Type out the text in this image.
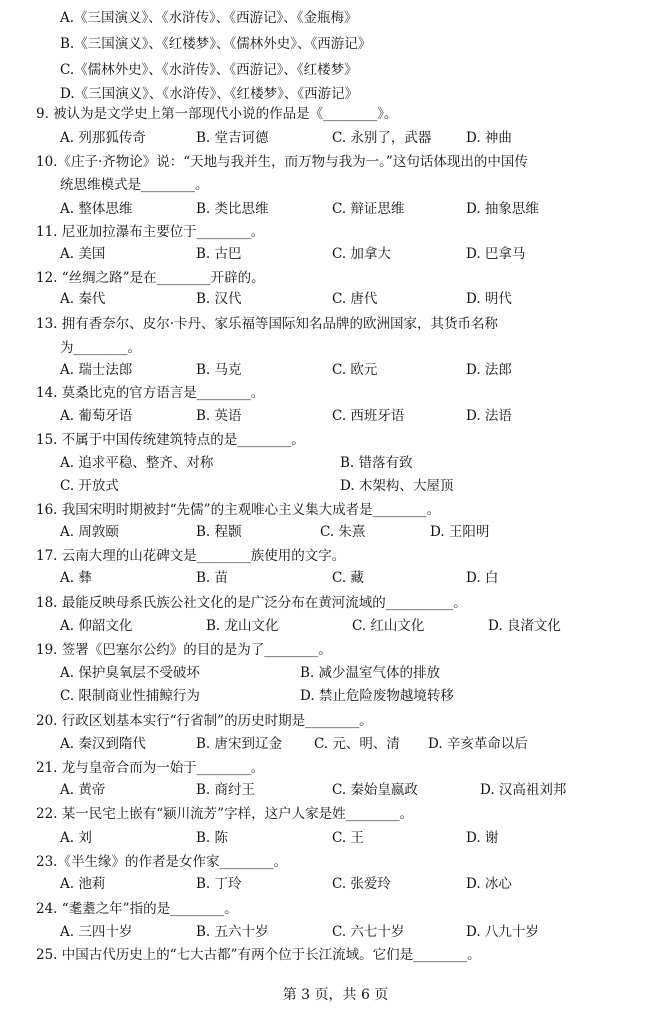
A.《三国演义》、《水浒传》、《西游记》、《金瓶梅》
B.《三国演义》、《红楼梦》、《儒林外史》、《西游记》
C.《儒林外史》、《水浒传》、《西游记》、《红楼梦》
D.《三国演义》、《水浒传》、《红楼梦》、《西游记》
9. 被认为是文学史上第一部现代小说的作品是《________》。
A. 列那狐传奇	B. 堂吉诃德	C. 永别了，武器	D. 神曲
10.《庄子·齐物论》说：“天地与我并生，而万物与我为一。”这句话体现出的中国传
统思维模式是________。
A. 整体思维	B. 类比思维	C. 辩证思维	D. 抽象思维
11. 尼亚加拉瀑布主要位于________。
A. 美国	B. 古巴	C. 加拿大	D. 巴拿马
12. “丝绸之路”是在________开辟的。
A. 秦代	B. 汉代	C. 唐代	D. 明代
13. 拥有香奈尔、皮尔·卡丹、家乐福等国际知名品牌的欧洲国家，其货币名称
为________。
A. 瑞士法郎	B. 马克	C. 欧元	D. 法郎
14. 莫桑比克的官方语言是________。
A. 葡萄牙语	B. 英语	C. 西班牙语	D. 法语
15. 不属于中国传统建筑特点的是________。
A. 追求平稳、整齐、对称	B. 错落有致
C. 开放式	D. 木架构、大屋顶
16. 我国宋明时期被封“先儒”的主观唯心主义集大成者是________。
A. 周敦颐	B. 程颢	C. 朱熹	D. 王阳明
17. 云南大理的山花碑文是________族使用的文字。
A. 彝	B. 苗	C. 藏	D. 白
18. 最能反映母系氏族公社文化的是广泛分布在黄河流域的__________。
A. 仰韶文化	B. 龙山文化	C. 红山文化	D. 良渚文化
19. 签署《巴塞尔公约》的目的是为了________。
A. 保护臭氧层不受破坏	B. 减少温室气体的排放
C. 限制商业性捕鲸行为	D. 禁止危险废物越境转移
20. 行政区划基本实行“行省制”的历史时期是________。
A. 秦汉到隋代	B. 唐宋到辽金 C. 元、明、清 D. 辛亥革命以后
21. 龙与皇帝合而为一始于________。
A. 黄帝	B. 商纣王	C. 秦始皇嬴政	D. 汉高祖刘邦
22. 某一民宅上嵌有“颍川流芳”字样，这户人家是姓________。
A. 刘	B. 陈	C. 王	D. 谢
23.《半生缘》的作者是女作家________。
A. 池莉	B. 丁玲	C. 张爱玲	D. 冰心
24. “耄耋之年”指的是________。
A. 三四十岁	B. 五六十岁	C. 六七十岁	D. 八九十岁
25. 中国古代历史上的“七大古都”有两个位于长江流域。它们是________。
第 3 页，共 6 页
